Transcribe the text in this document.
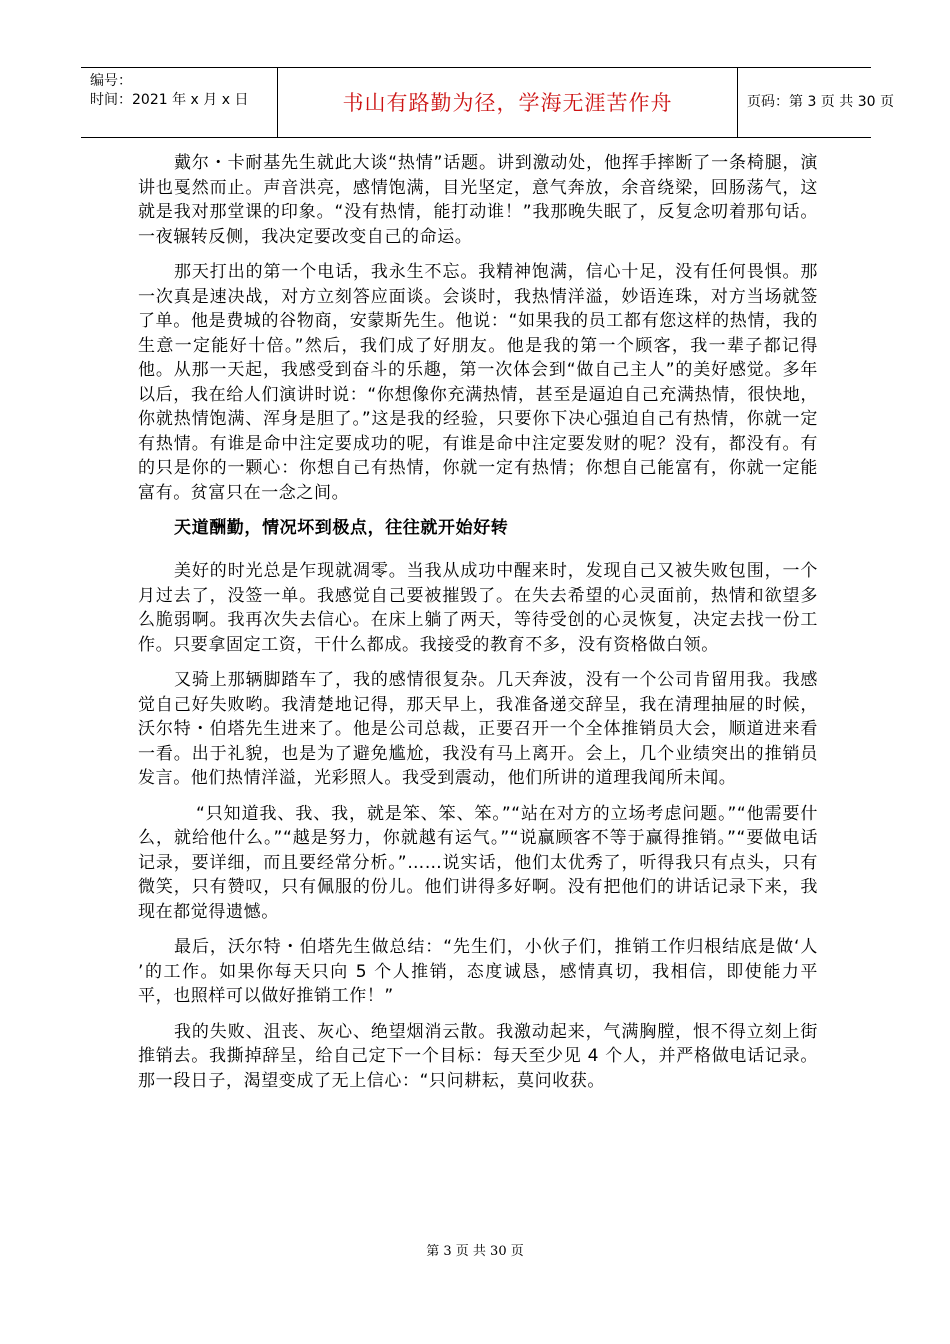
编号：
时间：2021 年 x 月 x 日	书山有路勤为径，学海无涯苦作舟	页码：第 3 页 共 30 页

戴尔・卡耐基先生就此大谈“热情”话题。讲到激动处，他挥手摔断了一条椅腿，演讲也戛然而止。声音洪亮，感情饱满，目光坚定，意气奔放，余音绕梁，回肠荡气，这就是我对那堂课的印象。“没有热情，能打动谁！”我那晚失眠了，反复念叨着那句话。一夜辗转反侧，我决定要改变自己的命运。

那天打出的第一个电话，我永生不忘。我精神饱满，信心十足，没有任何畏惧。那一次真是速决战，对方立刻答应面谈。会谈时，我热情洋溢，妙语连珠，对方当场就签了单。他是费城的谷物商，安蒙斯先生。他说：“如果我的员工都有您这样的热情，我的生意一定能好十倍。”然后，我们成了好朋友。他是我的第一个顾客，我一辈子都记得他。从那一天起，我感受到奋斗的乐趣，第一次体会到“做自己主人”的美好感觉。多年以后，我在给人们演讲时说：“你想像你充满热情，甚至是逼迫自己充满热情，很快地，你就热情饱满、浑身是胆了。”这是我的经验，只要你下决心强迫自己有热情，你就一定有热情。有谁是命中注定要成功的呢，有谁是命中注定要发财的呢？没有，都没有。有的只是你的一颗心：你想自己有热情，你就一定有热情；你想自己能富有，你就一定能富有。贫富只在一念之间。

天道酬勤，情况坏到极点，往往就开始好转

美好的时光总是乍现就凋零。当我从成功中醒来时，发现自己又被失败包围，一个月过去了，没签一单。我感觉自己要被摧毁了。在失去希望的心灵面前，热情和欲望多么脆弱啊。我再次失去信心。在床上躺了两天，等待受创的心灵恢复，决定去找一份工作。只要拿固定工资，干什么都成。我接受的教育不多，没有资格做白领。

又骑上那辆脚踏车了，我的感情很复杂。几天奔波，没有一个公司肯留用我。我感觉自己好失败哟。我清楚地记得，那天早上，我准备递交辞呈，我在清理抽屉的时候，沃尔特・伯塔先生进来了。他是公司总裁，正要召开一个全体推销员大会，顺道进来看一看。出于礼貌，也是为了避免尴尬，我没有马上离开。会上，几个业绩突出的推销员发言。他们热情洋溢，光彩照人。我受到震动，他们所讲的道理我闻所未闻。

“只知道我、我、我，就是笨、笨、笨。”“站在对方的立场考虑问题。”“他需要什么，就给他什么。”“越是努力，你就越有运气。”“说赢顾客不等于赢得推销。”“要做电话记录，要详细，而且要经常分析。”……说实话，他们太优秀了，听得我只有点头，只有微笑，只有赞叹，只有佩服的份儿。他们讲得多好啊。没有把他们的讲话记录下来，我现在都觉得遗憾。

最后，沃尔特・伯塔先生做总结：“先生们，小伙子们，推销工作归根结底是做‘人 ’的工作。如果你每天只向 5 个人推销，态度诚恳，感情真切，我相信，即使能力平平，也照样可以做好推销工作！”

我的失败、沮丧、灰心、绝望烟消云散。我激动起来，气满胸膛，恨不得立刻上街推销去。我撕掉辞呈，给自己定下一个目标：每天至少见 4 个人，并严格做电话记录。那一段日子，渴望变成了无上信心：“只问耕耘，莫问收获。

第 3 页 共 30 页
